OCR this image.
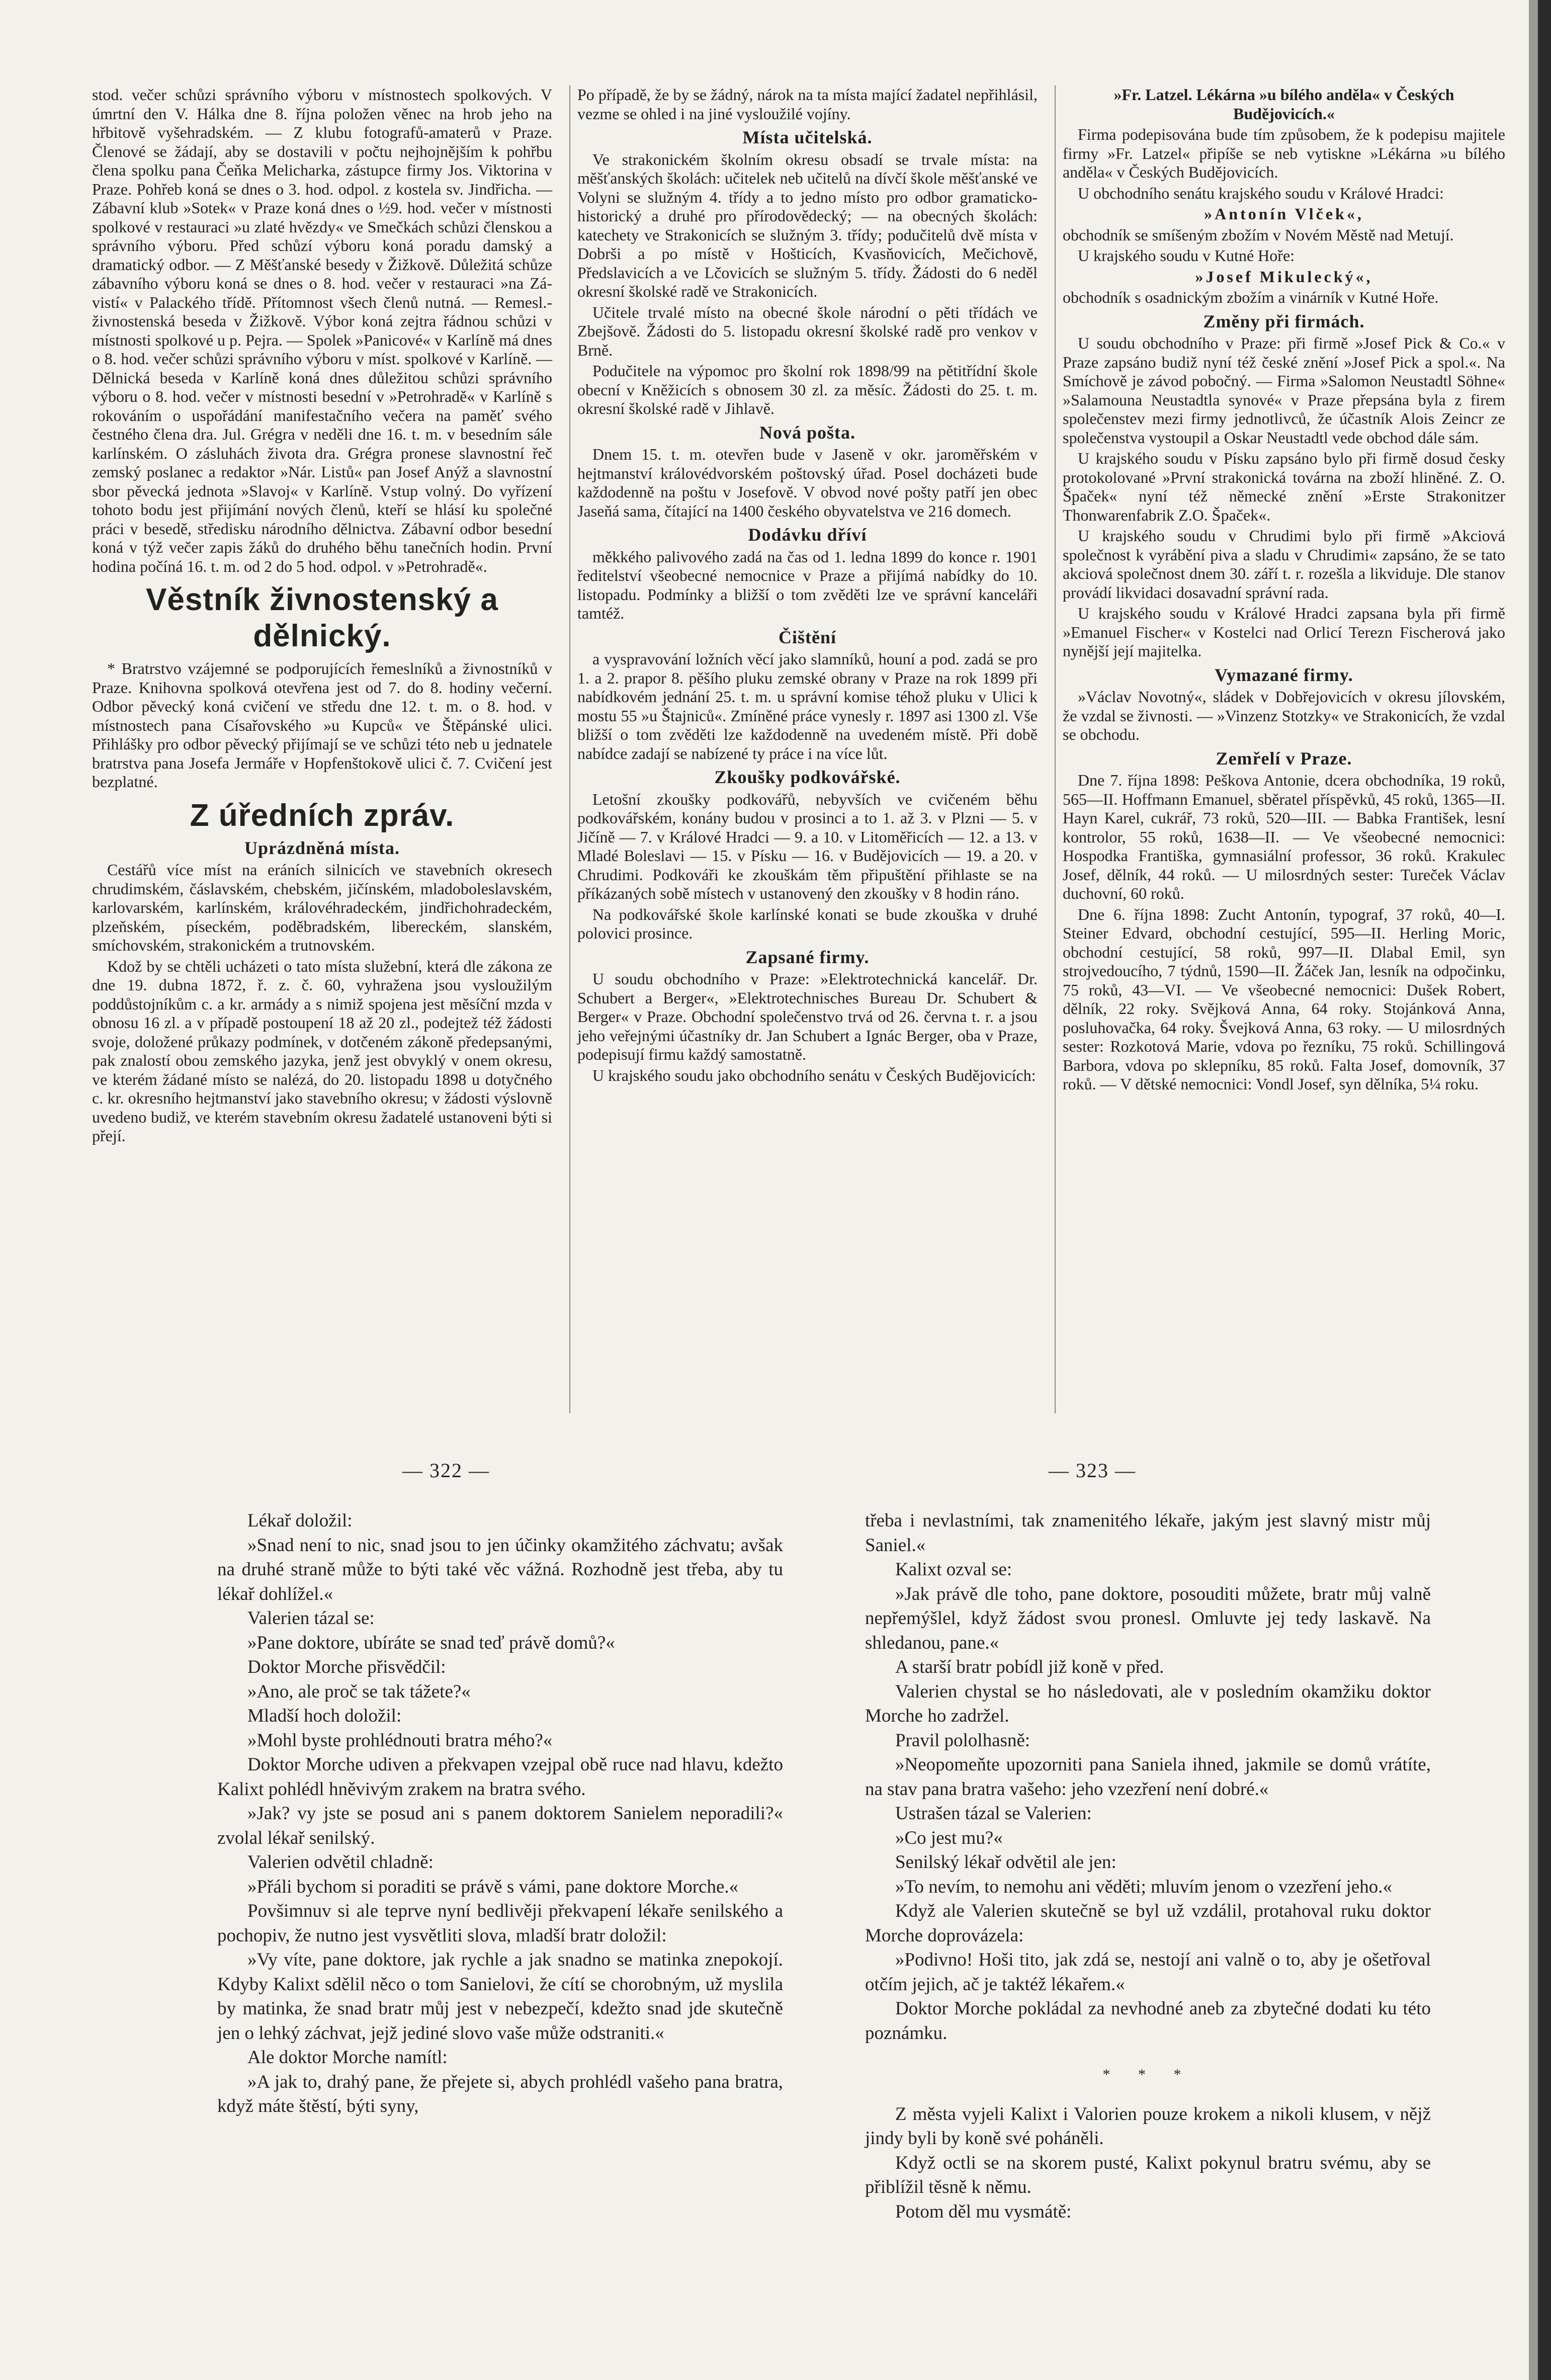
stod. večer schůzi správního výboru v místnostech spolkových. V úmrtní den V. Hálka dne 8. října položen věnec na hrob jeho na hřbitově vyšehradském. — Z klubu fotografů-amaterů v Praze. Členové se žádají, aby se dostavili v počtu nejhojnějším k pohřbu člena spolku pana Čeňka Melicharka, zástupce firmy Jos. Viktorina v Praze. Pohřeb koná se dnes o 3. hod. odpol. z kostela sv. Jindřicha. — Zábavní klub »Sotek« v Praze koná dnes o ½9. hod. večer v místnosti spolkové v restauraci »u zlaté hvězdy« ve Smečkách schůzi členskou a správního výboru. Před schůzí výboru koná poradu damský a dramatický odbor. — Z Měšťanské besedy v Žižkově. Důležitá schůze zábavního výboru koná se dnes o 8. hod. večer v restauraci »na Zá-vistí« v Palackého třídě. Přítomnost všech členů nutná. — Remesl.-živnostenská beseda v Žižkově. Výbor koná zejtra řádnou schůzi v místnosti spolkové u p. Pejra. — Spolek »Panicové« v Karlíně má dnes o 8. hod. večer schůzi správního výboru v míst. spolkové v Karlíně. — Dělnická beseda v Karlíně koná dnes důležitou schůzi správního výboru o 8. hod. večer v místnosti besední v »Petrohradě« v Karlíně s rokováním o uspořádání manifestačního večera na paměť svého čestného člena dra. Jul. Grégra v neděli dne 16. t. m. v besedním sále karlínském. O zásluhách života dra. Grégra pronese slavnostní řeč zemský poslanec a redaktor »Nár. Listů« pan Josef Anýž a slavnostní sbor pěvecká jednota »Slavoj« v Karlíně. Vstup volný. Do vyřízení tohoto bodu jest přijímání nových členů, kteří se hlásí ku společné práci v besedě, středisku národního dělnictva. Zábavní odbor besední koná v týž večer zapis žáků do druhého běhu tanečních hodin. První hodina počíná 16. t. m. od 2 do 5 hod. odpol. v »Petrohradě«.

Věstník živnostenský a dělnický.

* Bratrstvo vzájemné se podporujících řemeslníků a živnostníků v Praze. Knihovna spolková otevřena jest od 7. do 8. hodiny večerní. Odbor pěvecký koná cvičení ve středu dne 12. t. m. o 8. hod. v místnostech pana Císařovského »u Kupců« ve Štěpánské ulici. Přihlášky pro odbor pěvecký přijímají se ve schůzi této neb u jednatele bratrstva pana Josefa Jermáře v Hopfenštokově ulici č. 7. Cvičení jest bezplatné.

Z úředních zpráv.
Uprázdněná místa.

Cestářů více míst na eráních silnicích ve stavebních okresech chrudimském, čáslavském, chebském, jičínském, mladoboleslavském, karlovarském, karlínském, královéhradeckém, jindřichohradeckém, plzeňském, píseckém, poděbradském, libereckém, slanském, smíchovském, strakonickém a trutnovském.

Kdož by se chtěli ucházeti o tato místa služební, která dle zákona ze dne 19. dubna 1872, ř. z. č. 60, vyhražena jsou vysloužilým poddůstojníkům c. a kr. armády a s nimiž spojena jest měsíční mzda v obnosu 16 zl. a v případě postoupení 18 až 20 zl., podejtež též žádosti svoje, doložené průkazy podmínek, v dotčeném zákoně předepsanými, pak znalostí obou zemského jazyka, jenž jest obvyklý v onem okresu, ve kterém žádané místo se nalézá, do 20. listopadu 1898 u dotyčného c. kr. okresního hejtmanství jako stavebního okresu; v žádosti výslovně uvedeno budiž, ve kterém stavebním okresu žadatelé ustanoveni býti si přejí.

Po případě, že by se žádný, nárok na ta místa mající žadatel nepřihlásil, vezme se ohled i na jiné vysloužilé vojíny.

Místa učitelská.

Ve strakonickém školním okresu obsadí se trvale místa: na měšťanských školách: učitelek neb učitelů na dívčí škole měšťanské ve Volyni se služným 4. třídy a to jedno místo pro odbor gramaticko-historický a druhé pro přírodovědecký; — na obecných školách: katechety ve Strakonicích se služným 3. třídy; podučitelů dvě místa v Dobrši a po místě v Hošticích, Kvasňovicích, Mečichově, Předslavicích a ve Lčovicích se služným 5. třídy. Žádosti do 6 neděl okresní školské radě ve Strakonicích.

Učitele trvalé místo na obecné škole národní o pěti třídách ve Zbejšově. Žádosti do 5. listopadu okresní školské radě pro venkov v Brně.

Podučitele na výpomoc pro školní rok 1898/99 na pětitřídní škole obecní v Kněžicích s obnosem 30 zl. za měsíc. Žádosti do 25. t. m. okresní školské radě v Jihlavě.

Nová pošta.

Dnem 15. t. m. otevřen bude v Jaseně v okr. jaroměřském v hejtmanství královédvorském poštovský úřad. Posel docházeti bude každodenně na poštu v Josefově. V obvod nové pošty patří jen obec Jaseňá sama, čítající na 1400 českého obyvatelstva ve 216 domech.

Dodávku dříví

měkkého palivového zadá na čas od 1. ledna 1899 do konce r. 1901 ředitelství všeobecné nemocnice v Praze a přijímá nabídky do 10. listopadu. Podmínky a bližší o tom zvěděti lze ve správní kanceláři tamtéž.

Čištění

a vyspravování ložních věcí jako slamníků, houní a pod. zadá se pro 1. a 2. prapor 8. pěšího pluku zemské obrany v Praze na rok 1899 při nabídkovém jednání 25. t. m. u správní komise téhož pluku v Ulici k mostu 55 »u Štajniců«. Zmíněné práce vynesly r. 1897 asi 1300 zl. Vše bližší o tom zvěděti lze každodenně na uvedeném místě. Při době nabídce zadají se nabízené ty práce i na více lůt.

Zkoušky podkovářské.

Letošní zkoušky podkovářů, nebyvších ve cvičeném běhu podkovářském, konány budou v prosinci a to 1. až 3. v Plzni — 5. v Jičíně — 7. v Králové Hradci — 9. a 10. v Litoměřicích — 12. a 13. v Mladé Boleslavi — 15. v Písku — 16. v Budějovicích — 19. a 20. v Chrudimi. Podkováři ke zkouškám těm připuštění přihlaste se na příkázaných sobě místech v ustanovený den zkoušky v 8 hodin ráno.

Na podkovářské škole karlínské konati se bude zkouška v druhé polovici prosince.

Zapsané firmy.

U soudu obchodního v Praze: »Elektrotechnická kancelář. Dr. Schubert a Berger«, »Elektrotechnisches Bureau Dr. Schubert & Berger« v Praze. Obchodní společenstvo trvá od 26. června t. r. a jsou jeho veřejnými účastníky dr. Jan Schubert a Ignác Berger, oba v Praze, podepisují firmu každý samostatně.

U krajského soudu jako obchodního senátu v Českých Budějovicích:

»Fr. Latzel. Lékárna »u bílého anděla« v Českých Budějovicích.«

Firma podepisována bude tím způsobem, že k podepisu majitele firmy »Fr. Latzel« připíše se neb vytiskne »Lékárna »u bílého anděla« v Českých Budějovicích.

U obchodního senátu krajského soudu v Králové Hradci:

»Antonín Vlček«,

obchodník se smíšeným zbožím v Novém Městě nad Metují.

U krajského soudu v Kutné Hoře:

»Josef Mikulecký«,

obchodník s osadnickým zbožím a vinárník v Kutné Hoře.

Změny při firmách.

U soudu obchodního v Praze: při firmě »Josef Pick & Co.« v Praze zapsáno budiž nyní též české znění »Josef Pick a spol.«. Na Smíchově je závod pobočný. — Firma »Salomon Neustadtl Söhne« »Salamouna Neustadtla synové« v Praze přepsána byla z firem společenstev mezi firmy jednotlivců, že účastník Alois Zeincr ze společenstva vystoupil a Oskar Neustadtl vede obchod dále sám.

U krajského soudu v Písku zapsáno bylo při firmě dosud česky protokolované »První strakonická továrna na zboží hliněné. Z. O. Špaček« nyní též německé znění »Erste Strakonitzer Thonwarenfabrik Z.O. Špaček«.

U krajského soudu v Chrudimi bylo při firmě »Akciová společnost k vyrábění piva a sladu v Chrudimi« zapsáno, že se tato akciová společnost dnem 30. září t. r. rozešla a likviduje. Dle stanov provádí likvidaci dosavadní správní rada.

U krajského soudu v Králové Hradci zapsana byla při firmě »Emanuel Fischer« v Kostelci nad Orlicí Terezn Fischerová jako nynější její majitelka.

Vymazané firmy.

»Václav Novotný«, sládek v Dobřejovicích v okresu jílovském, že vzdal se živnosti. — »Vinzenz Stotzky« ve Strakonicích, že vzdal se obchodu.

Zemřelí v Praze.

Dne 7. října 1898: Peškova Antonie, dcera obchodníka, 19 roků, 565—II. Hoffmann Emanuel, sběratel příspěvků, 45 roků, 1365—II. Hayn Karel, cukrář, 73 roků, 520—III. — Babka František, lesní kontrolor, 55 roků, 1638—II. — Ve všeobecné nemocnici: Hospodka Františka, gymnasiální professor, 36 roků. Krakulec Josef, dělník, 44 roků. — U milosrdných sester: Tureček Václav duchovní, 60 roků.

Dne 6. října 1898: Zucht Antonín, typograf, 37 roků, 40—I. Steiner Edvard, obchodní cestující, 595—II. Herling Moric, obchodní cestující, 58 roků, 997—II. Dlabal Emil, syn strojvedoucího, 7 týdnů, 1590—II. Žáček Jan, lesník na odpočinku, 75 roků, 43—VI. — Ve všeobecné nemocnici: Dušek Robert, dělník, 22 roky. Svějková Anna, 64 roky. Stojánková Anna, posluhovačka, 64 roky. Švejková Anna, 63 roky. — U milosrdných sester: Rozkotová Marie, vdova po řezníku, 75 roků. Schillingová Barbora, vdova po sklepníku, 85 roků. Falta Josef, domovník, 37 roků. — V dětské nemocnici: Vondl Josef, syn dělníka, 5¼ roku.

— 322 —	— 323 —

Lékař doložil:

»Snad není to nic, snad jsou to jen účinky okamžitého záchvatu; avšak na druhé straně může to býti také věc vážná. Rozhodně jest třeba, aby tu lékař dohlížel.«

Valerien tázal se:

»Pane doktore, ubíráte se snad teď právě domů?«

Doktor Morche přisvědčil:

»Ano, ale proč se tak tážete?«

Mladší hoch doložil:

»Mohl byste prohlédnouti bratra mého?«

Doktor Morche udiven a překvapen vzejpal obě ruce nad hlavu, kdežto Kalixt pohlédl hněvivým zrakem na bratra svého.

»Jak? vy jste se posud ani s panem doktorem Sanielem neporadili?« zvolal lékař senilský.

Valerien odvětil chladně:

»Přáli bychom si poraditi se právě s vámi, pane doktore Morche.«

Povšimnuv si ale teprve nyní bedlivěji překvapení lékaře senilského a pochopiv, že nutno jest vysvětliti slova, mladší bratr doložil:

»Vy víte, pane doktore, jak rychle a jak snadno se matinka znepokojí. Kdyby Kalixt sdělil něco o tom Sanielovi, že cítí se chorobným, už myslila by matinka, že snad bratr můj jest v nebezpečí, kdežto snad jde skutečně jen o lehký záchvat, jejž jediné slovo vaše může odstraniti.«

Ale doktor Morche namítl:

»A jak to, drahý pane, že přejete si, abych prohlédl vašeho pana bratra, když máte štěstí, býti syny,

třeba i nevlastními, tak znamenitého lékaře, jakým jest slavný mistr můj Saniel.«

Kalixt ozval se:

»Jak právě dle toho, pane doktore, posouditi můžete, bratr můj valně nepřemýšlel, když žádost svou pronesl. Omluvte jej tedy laskavě. Na shledanou, pane.«

A starší bratr pobídl již koně v před.

Valerien chystal se ho následovati, ale v posledním okamžiku doktor Morche ho zadržel.

Pravil pololhasně:

»Neopomeňte upozorniti pana Saniela ihned, jakmile se domů vrátíte, na stav pana bratra vašeho: jeho vzezření není dobré.«

Ustrašen tázal se Valerien:

»Co jest mu?«

Senilský lékař odvětil ale jen:

»To nevím, to nemohu ani věděti; mluvím jenom o vzezření jeho.«

Když ale Valerien skutečně se byl už vzdálil, protahoval ruku doktor Morche doprovázela:

»Podivno! Hoši tito, jak zdá se, nestojí ani valně o to, aby je ošetřoval otčím jejich, ač je taktéž lékařem.«

Doktor Morche pokládal za nevhodné aneb za zbytečné dodati ku této poznámku.

* * *

Z města vyjeli Kalixt i Valorien pouze krokem a nikoli klusem, v nějž jindy byli by koně své poháněli.

Když octli se na skorem pusté, Kalixt pokynul bratru svému, aby se přiblížil těsně k němu.

Potom děl mu vysmátě:
